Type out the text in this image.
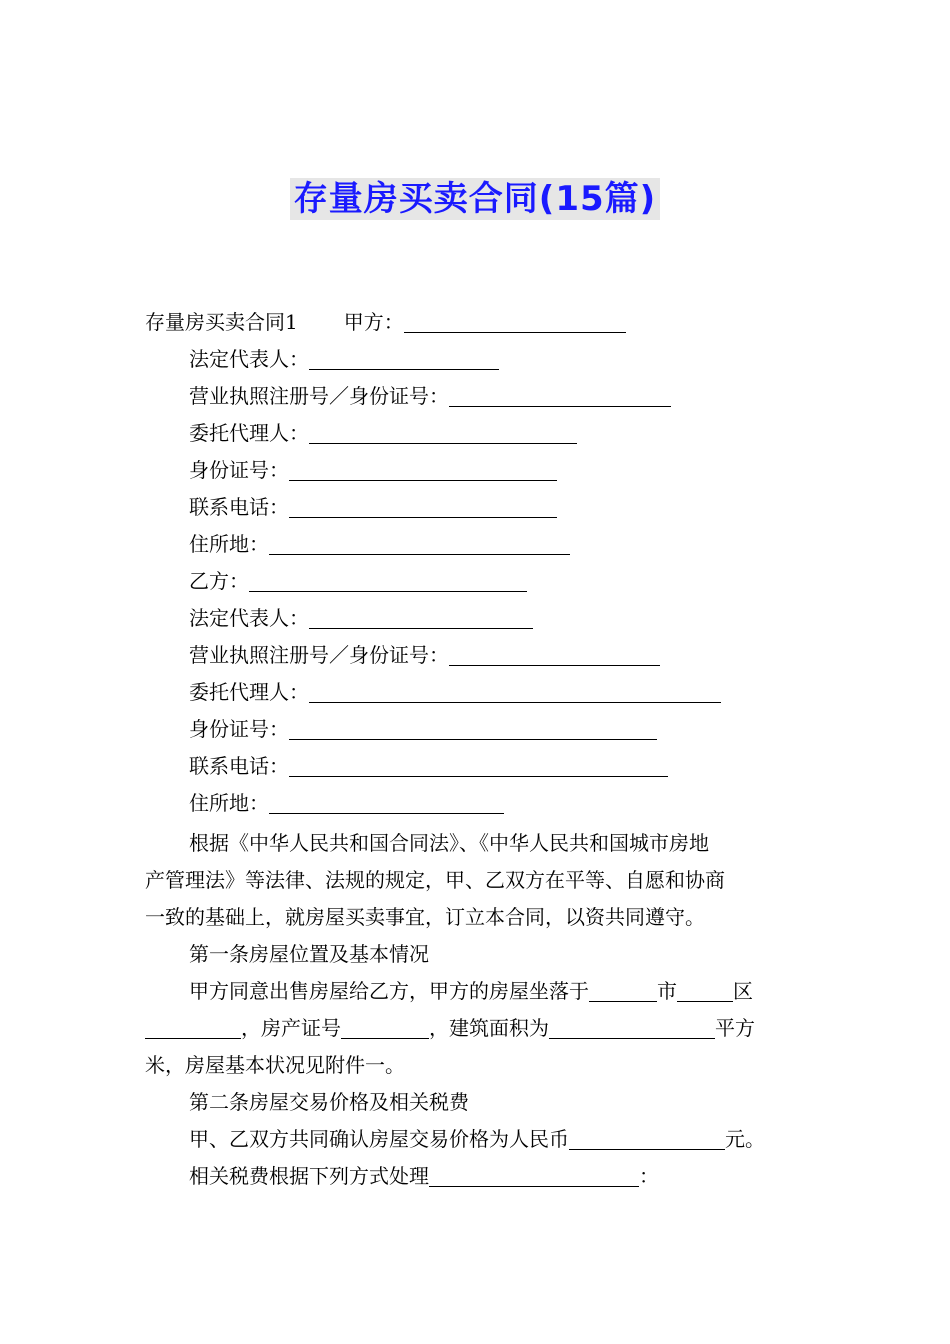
存量房买卖合同(15篇)
存量房买卖合同1 甲方：
法定代表人：
营业执照注册号／身份证号：
委托代理人：
身份证号：
联系电话：
住所地：
乙方：
法定代表人：
营业执照注册号／身份证号：
委托代理人：
身份证号：
联系电话：
住所地：
根据《中华人民共和国合同法》、《中华人民共和国城市房地
产管理法》等法律、法规的规定，甲、乙双方在平等、自愿和协商
一致的基础上，就房屋买卖事宜，订立本合同，以资共同遵守。
第一条房屋位置及基本情况
甲方同意出售房屋给乙方，甲方的房屋坐落于	市	区
，房产证号	，建筑面积为	平方
米，房屋基本状况见附件一。
第二条房屋交易价格及相关税费
甲、乙双方共同确认房屋交易价格为人民币	元。
相关税费根据下列方式处理	：
